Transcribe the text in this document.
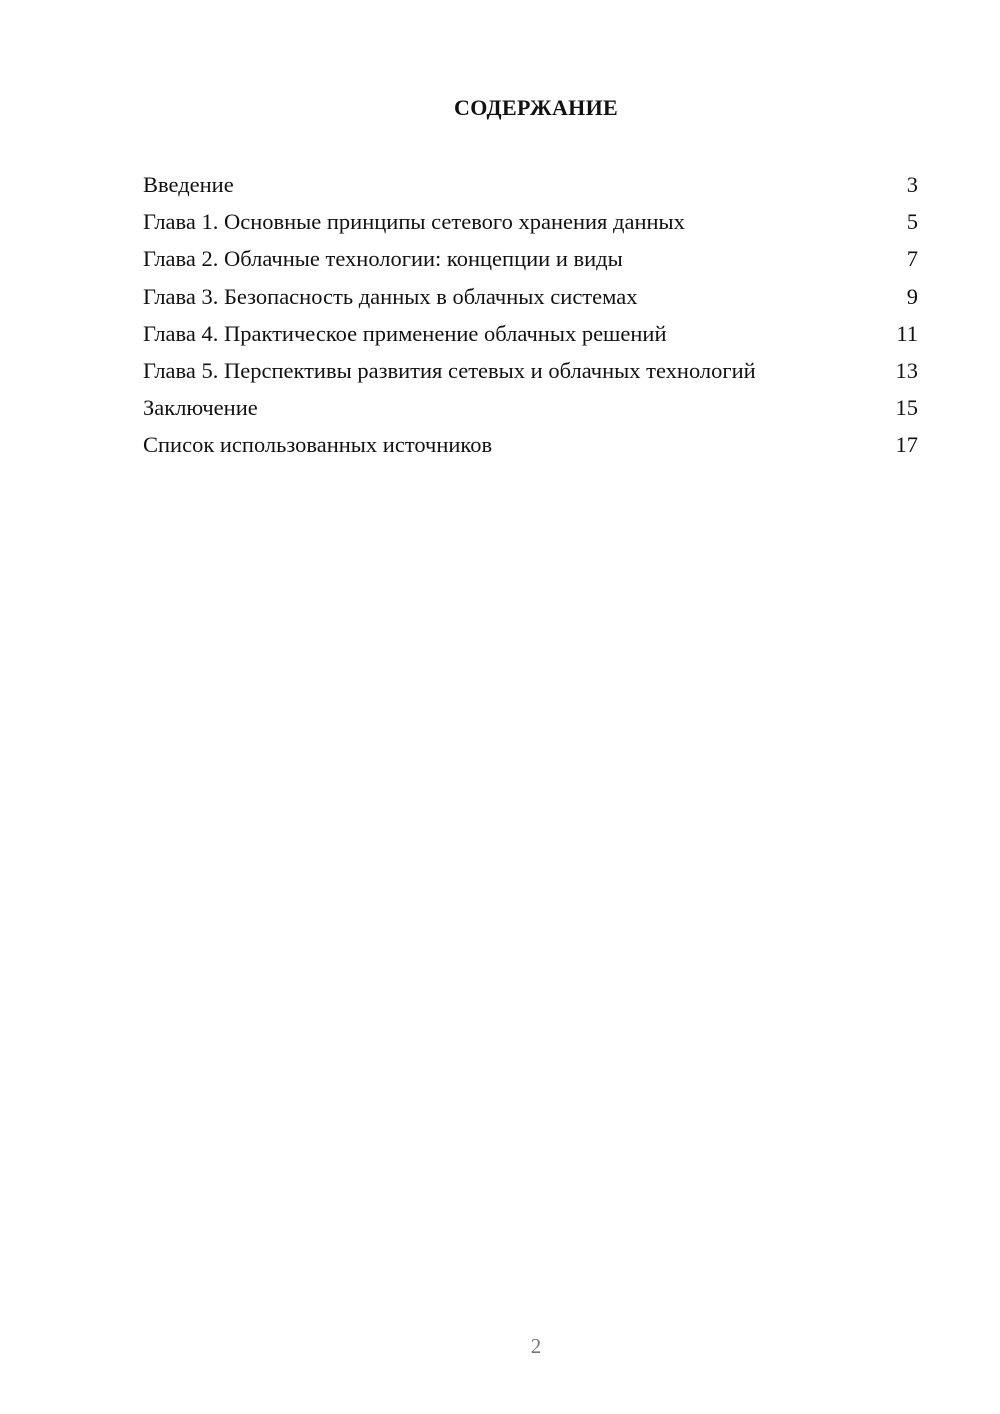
СОДЕРЖАНИЕ
Введение	3
Глава 1. Основные принципы сетевого хранения данных	5
Глава 2. Облачные технологии: концепции и виды	7
Глава 3. Безопасность данных в облачных системах	9
Глава 4. Практическое применение облачных решений	11
Глава 5. Перспективы развития сетевых и облачных технологий	13
Заключение	15
Список использованных источников	17
2
